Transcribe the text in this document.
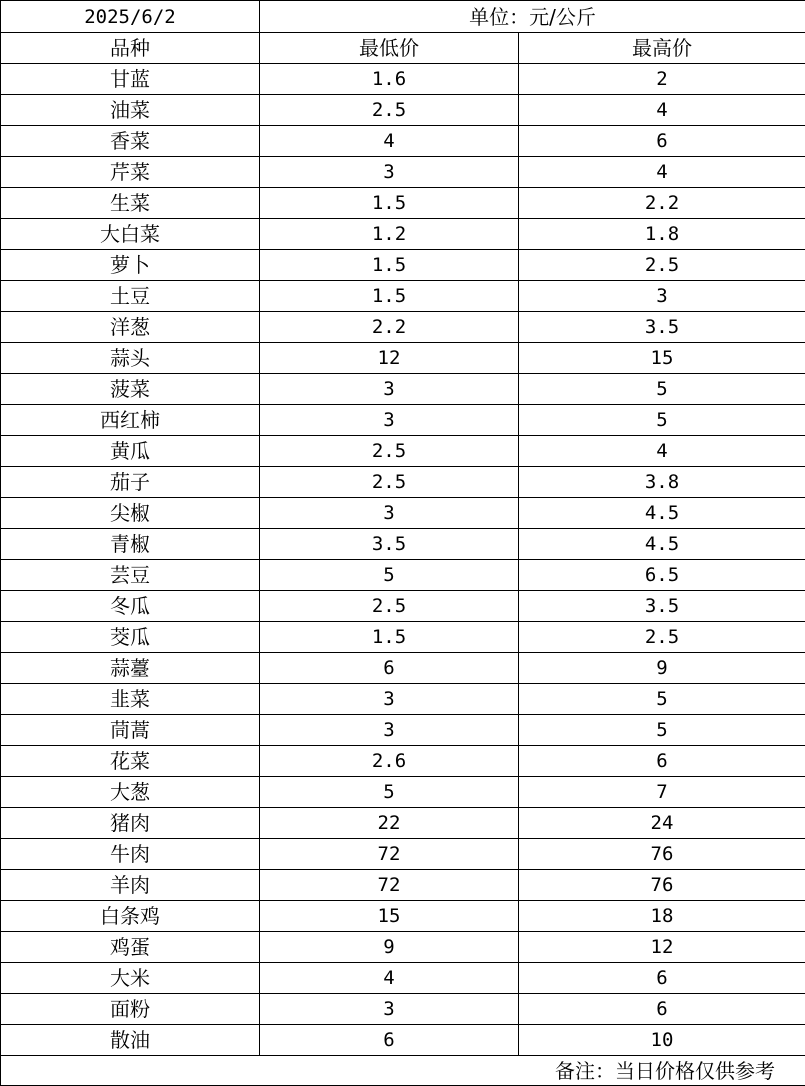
2025/6/2	单位：元/公斤	
品种	最低价	最高价
甘蓝	1.6	2
油菜	2.5	4
香菜	4	6
芹菜	3	4
生菜	1.5	2.2
大白菜	1.2	1.8
萝卜	1.5	2.5
土豆	1.5	3
洋葱	2.2	3.5
蒜头	12	15
菠菜	3	5
西红柿	3	5
黄瓜	2.5	4
茄子	2.5	3.8
尖椒	3	4.5
青椒	3.5	4.5
芸豆	5	6.5
冬瓜	2.5	3.5
茭瓜	1.5	2.5
蒜薹	6	9
韭菜	3	5
茼蒿	3	5
花菜	2.6	6
大葱	5	7
猪肉	22	24
牛肉	72	76
羊肉	72	76
白条鸡	15	18
鸡蛋	9	12
大米	4	6
面粉	3	6
散油	6	10
备注：当日价格仅供参考		
